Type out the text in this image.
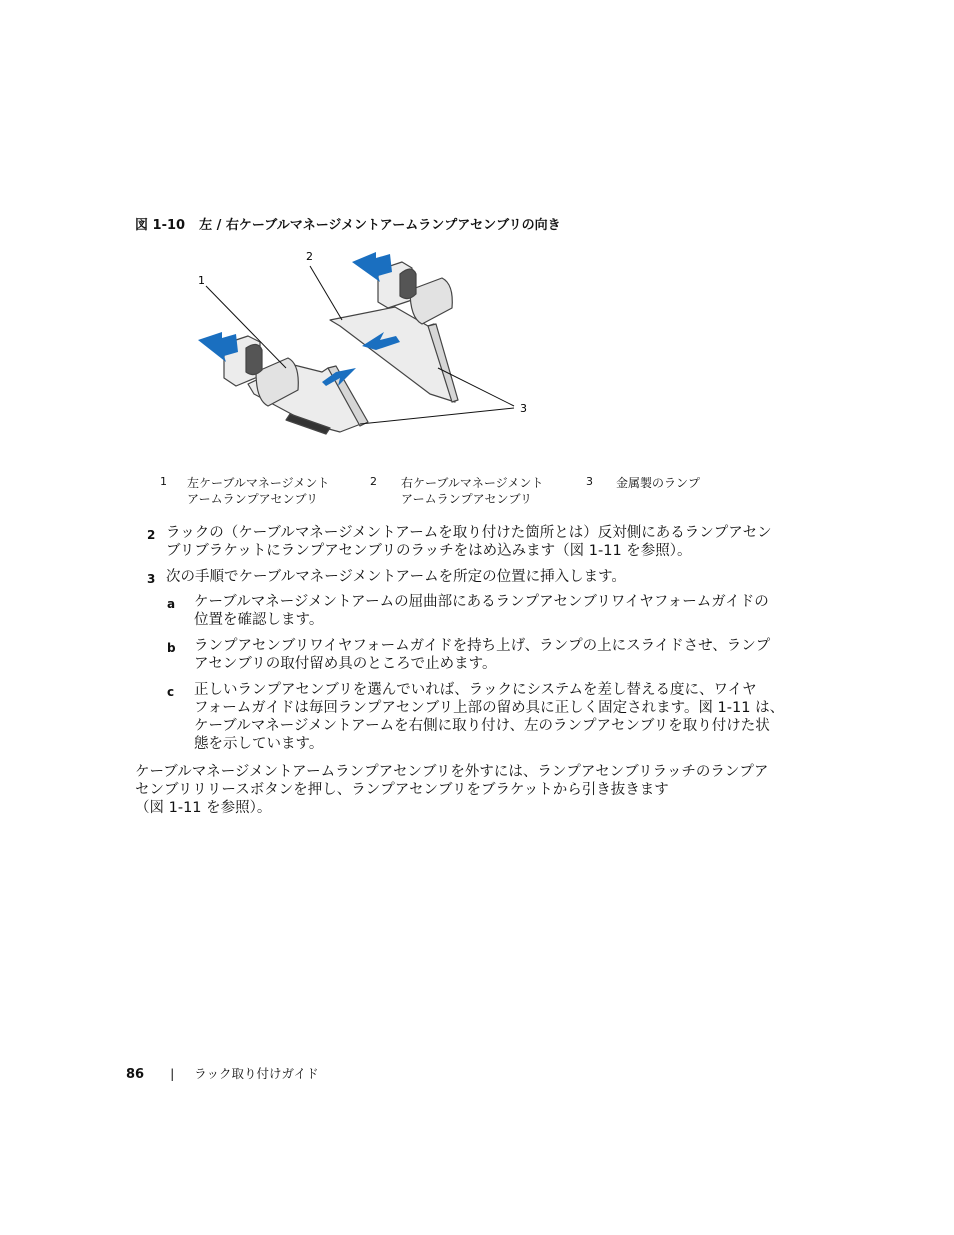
図 1-10 左 / 右ケーブルマネージメントアームランプアセンブリの向き
1
2
3
1 左ケーブルマネージメント
アームランプアセンブリ
2 右ケーブルマネージメント
アームランプアセンブリ
3 金属製のランプ
2 ラックの（ケーブルマネージメントアームを取り付けた箇所とは）反対側にあるランプアセン
ブリブラケットにランプアセンブリのラッチをはめ込みます（図 1-11 を参照）。
3 次の手順でケーブルマネージメントアームを所定の位置に挿入します。
a ケーブルマネージメントアームの屈曲部にあるランプアセンブリワイヤフォームガイドの
位置を確認します。
b ランプアセンブリワイヤフォームガイドを持ち上げ、ランプの上にスライドさせ、ランプ
アセンブリの取付留め具のところで止めます。
c 正しいランプアセンブリを選んでいれば、ラックにシステムを差し替える度に、ワイヤ
フォームガイドは毎回ランプアセンブリ上部の留め具に正しく固定されます。図 1-11 は、
ケーブルマネージメントアームを右側に取り付け、左のランプアセンブリを取り付けた状
態を示しています。
ケーブルマネージメントアームランプアセンブリを外すには、ランプアセンブリラッチのランプア
センブリリリースボタンを押し、ランプアセンブリをブラケットから引き抜きます
（図 1-11 を参照）。
86 | ラック取り付けガイド
